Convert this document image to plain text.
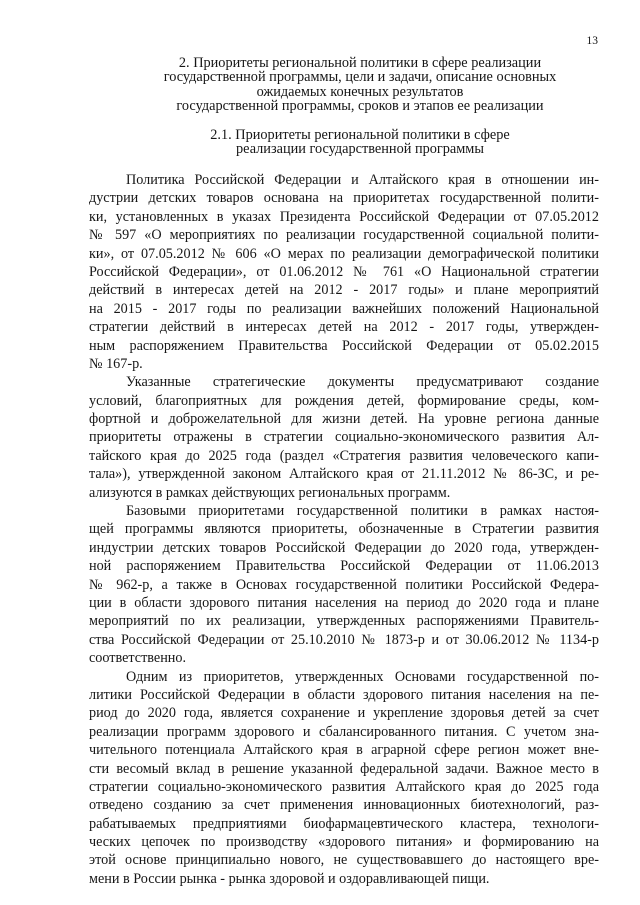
13
2. Приоритеты региональной политики в сфере реализации
государственной программы, цели и задачи, описание основных
ожидаемых конечных результатов
государственной программы, сроков и этапов ее реализации
2.1. Приоритеты региональной политики в сфере
реализации государственной программы
Политика Российской Федерации и Алтайского края в отношении ин-
дустрии детских товаров основана на приоритетах государственной полити-
ки, установленных в указах Президента Российской Федерации от 07.05.2012
№ 597 «О мероприятиях по реализации государственной социальной полити-
ки», от 07.05.2012 № 606 «О мерах по реализации демографической политики
Российской Федерации», от 01.06.2012 № 761 «О Национальной стратегии
действий в интересах детей на 2012 - 2017 годы» и плане мероприятий
на 2015 - 2017 годы по реализации важнейших положений Национальной
стратегии действий в интересах детей на 2012 - 2017 годы, утвержден-
ным распоряжением Правительства Российской Федерации от 05.02.2015
№ 167-р.
Указанные стратегические документы предусматривают создание
условий, благоприятных для рождения детей, формирование среды, ком-
фортной и доброжелательной для жизни детей. На уровне региона данные
приоритеты отражены в стратегии социально-экономического развития Ал-
тайского края до 2025 года (раздел «Стратегия развития человеческого капи-
тала»), утвержденной законом Алтайского края от 21.11.2012 № 86-ЗС, и ре-
ализуются в рамках действующих региональных программ.
Базовыми приоритетами государственной политики в рамках настоя-
щей программы являются приоритеты, обозначенные в Стратегии развития
индустрии детских товаров Российской Федерации до 2020 года, утвержден-
ной распоряжением Правительства Российской Федерации от 11.06.2013
№ 962-р, а также в Основах государственной политики Российской Федера-
ции в области здорового питания населения на период до 2020 года и плане
мероприятий по их реализации, утвержденных распоряжениями Правитель-
ства Российской Федерации от 25.10.2010 № 1873-р и от 30.06.2012 № 1134-р
соответственно.
Одним из приоритетов, утвержденных Основами государственной по-
литики Российской Федерации в области здорового питания населения на пе-
риод до 2020 года, является сохранение и укрепление здоровья детей за счет
реализации программ здорового и сбалансированного питания. С учетом зна-
чительного потенциала Алтайского края в аграрной сфере регион может вне-
сти весомый вклад в решение указанной федеральной задачи. Важное место в
стратегии социально-экономического развития Алтайского края до 2025 года
отведено созданию за счет применения инновационных биотехнологий, раз-
рабатываемых предприятиями биофармацевтического кластера, технологи-
ческих цепочек по производству «здорового питания» и формированию на
этой основе принципиально нового, не существовавшего до настоящего вре-
мени в России рынка - рынка здоровой и оздоравливающей пищи.
